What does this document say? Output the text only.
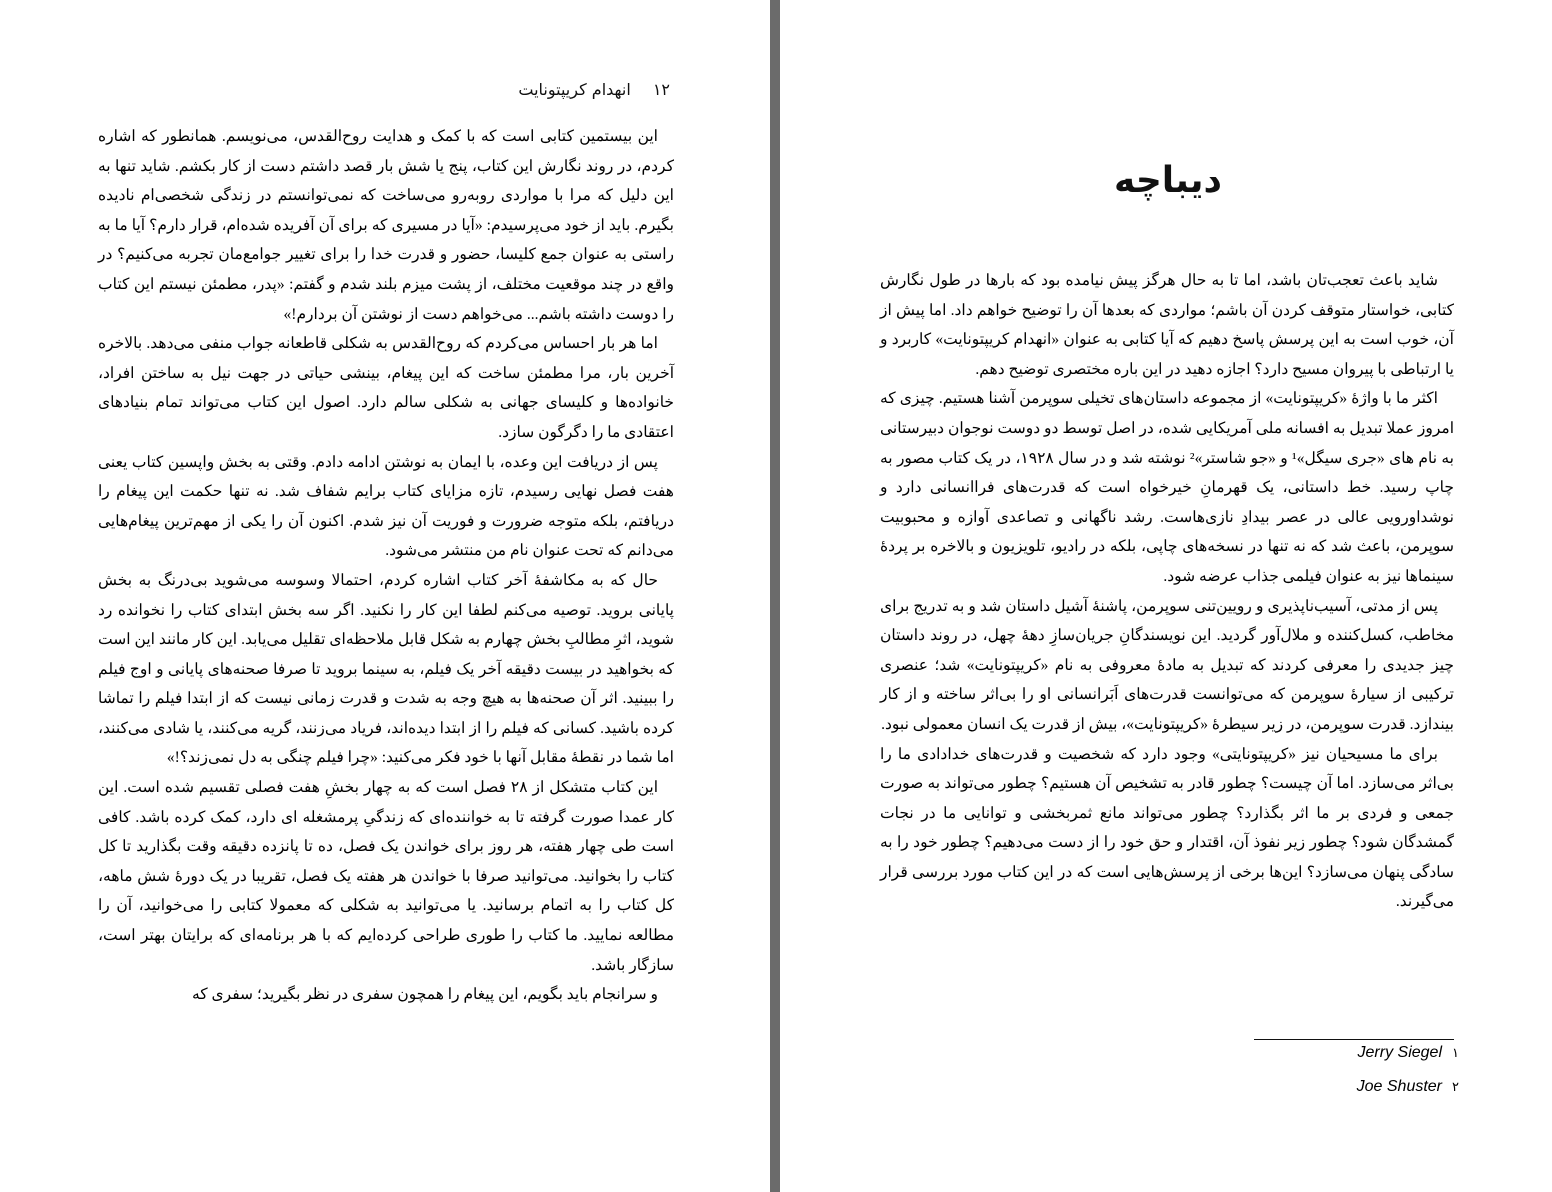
۱۲
انهدام کریپتونایت

این بیستمین کتابی است که با کمک و هدایت روح‌القدس، می‌نویسم. همانطور که اشاره کردم، در روند نگارش این کتاب، پنج یا شش بار قصد داشتم دست از کار بکشم. شاید تنها به این دلیل که مرا با مواردی روبه‌رو می‌ساخت که نمی‌توانستم در زندگی شخصی‌ام نادیده بگیرم. باید از خود می‌پرسیدم: «آیا در مسیری که برای آن آفریده شده‌ام، قرار دارم؟ آیا ما به راستی به عنوان جمع کلیسا، حضور و قدرت خدا را برای تغییر جوامع‌مان تجربه می‌کنیم؟ در واقع در چند موقعیت مختلف، از پشت میزم بلند شدم و گفتم: «پدر، مطمئن نیستم این کتاب را دوست داشته باشم... می‌خواهم دست از نوشتن آن بردارم!»

اما هر بار احساس می‌کردم که روح‌القدس به شکلی قاطعانه جواب منفی می‌دهد. بالاخره آخرین بار، مرا مطمئن ساخت که این پیغام، بینشی حیاتی در جهت نیل به ساختن افراد، خانواده‌ها و کلیسای جهانی به شکلی سالم دارد. اصول این کتاب می‌تواند تمام بنیادهای اعتقادی ما را دگرگون سازد.

پس از دریافت این وعده، با ایمان به نوشتن ادامه دادم. وقتی به بخش واپسین کتاب یعنی هفت فصل نهایی رسیدم، تازه مزایای کتاب برایم شفاف شد. نه تنها حکمت این پیغام را دریافتم، بلکه متوجه ضرورت و فوریت آن نیز شدم. اکنون آن را یکی از مهم‌ترین پیغام‌هایی می‌دانم که تحت عنوان نام من منتشر می‌شود.

حال که به مکاشفهٔ آخر کتاب اشاره کردم، احتمالا وسوسه می‌شوید بی‌درنگ به بخش پایانی بروید. توصیه می‌کنم لطفا این کار را نکنید. اگر سه بخش ابتدای کتاب را نخوانده رد شوید، اثرِ مطالبِ بخش چهارم به شکل قابل ملاحظه‌ای تقلیل می‌یابد. این کار مانند این است که بخواهید در بیست دقیقه آخر یک فیلم، به سینما بروید تا صرفا صحنه‌های پایانی و اوج فیلم را ببینید. اثر آن صحنه‌ها به هیچ وجه به شدت و قدرت زمانی نیست که از ابتدا فیلم را تماشا کرده باشید. کسانی که فیلم را از ابتدا دیده‌اند، فریاد می‌زنند، گریه می‌کنند، یا شادی می‌کنند، اما شما در نقطهٔ مقابل آنها با خود فکر می‌کنید: «چرا فیلم چنگی به دل نمی‌زند؟!»

این کتاب متشکل از ۲۸ فصل است که به چهار بخشِ هفت فصلی تقسیم شده است. این کار عمدا صورت گرفته تا به خواننده‌ای که زندگیِ پرمشغله ای دارد، کمک کرده باشد. کافی است طی چهار هفته، هر روز برای خواندن یک فصل، ده تا پانزده دقیقه وقت بگذارید تا کل کتاب را بخوانید. می‌توانید صرفا با خواندن هر هفته یک فصل، تقریبا در یک دورهٔ شش ماهه، کل کتاب را به اتمام برسانید. یا می‌توانید به شکلی که معمولا کتابی را می‌خوانید، آن را مطالعه نمایید. ما کتاب را طوری طراحی کرده‌ایم که با هر برنامه‌ای که برایتان بهتر است، سازگار باشد.

و سرانجام باید بگویم، این پیغام را همچون سفری در نظر بگیرید؛ سفری که

دیباچه

شاید باعث تعجب‌تان باشد، اما تا به حال هرگز پیش نیامده بود که بارها در طول نگارش کتابی، خواستار متوقف کردن آن باشم؛ مواردی که بعدها آن را توضیح خواهم داد. اما پیش از آن، خوب است به این پرسش پاسخ دهیم که آیا کتابی به عنوان «انهدام کریپتونایت» کاربرد و یا ارتباطی با پیروان مسیح دارد؟ اجازه دهید در این باره مختصری توضیح دهم.

اکثر ما با واژهٔ «کریپتونایت» از مجموعه داستان‌های تخیلی سوپرمن آشنا هستیم. چیزی که امروز عملا تبدیل به افسانه ملی آمریکایی شده، در اصل توسط دو دوست نوجوان دبیرستانی به نام های «جری سیگل»¹ و «جو شاستر»² نوشته شد و در سال ۱۹۲۸، در یک کتاب مصور به چاپ رسید. خط داستانی، یک قهرمانِ خیرخواه است که قدرت‌های فراانسانی دارد و نوشداورویی عالی در عصر بیدادِ نازی‌هاست. رشد ناگهانی و تصاعدی آوازه و محبوبیت سوپرمن، باعث شد که نه تنها در نسخه‌های چاپی، بلکه در رادیو، تلویزیون و بالاخره بر پردهٔ سینماها نیز به عنوان فیلمی جذاب عرضه شود.

پس از مدتی، آسیب‌ناپذیری و رویین‌تنی سوپرمن، پاشنهٔ آشیل داستان شد و به تدریج برای مخاطب، کسل‌کننده و ملال‌آور گردید. این نویسندگانِ جریان‌سازِ دههٔ چهل، در روند داستان چیز جدیدی را معرفی کردند که تبدیل به مادهٔ معروفی به نام «کریپتونایت» شد؛ عنصری ترکیبی از سیارهٔ سوپرمن که می‌توانست قدرت‌های اَبَرانسانی او را بی‌اثر ساخته و از کار بیندازد. قدرت سوپرمن، در زیر سیطرهٔ «کریپتونایت»، بیش از قدرت یک انسان معمولی نبود.

برای ما مسیحیان نیز «کریپتونایتی» وجود دارد که شخصیت و قدرت‌های خدادادی ما را بی‌اثر می‌سازد. اما آن چیست؟ چطور قادر به تشخیص آن هستیم؟ چطور می‌تواند به صورت جمعی و فردی بر ما اثر بگذارد؟ چطور می‌تواند مانع ثمربخشی و توانایی ما در نجات گمشدگان شود؟ چطور زیر نفوذ آن، اقتدار و حق خود را از دست می‌دهیم؟ چطور خود را به سادگی پنهان می‌سازد؟ این‌ها برخی از پرسش‌هایی است که در این کتاب مورد بررسی قرار می‌گیرند.

۱
Jerry Siegel
۲
Joe Shuster
